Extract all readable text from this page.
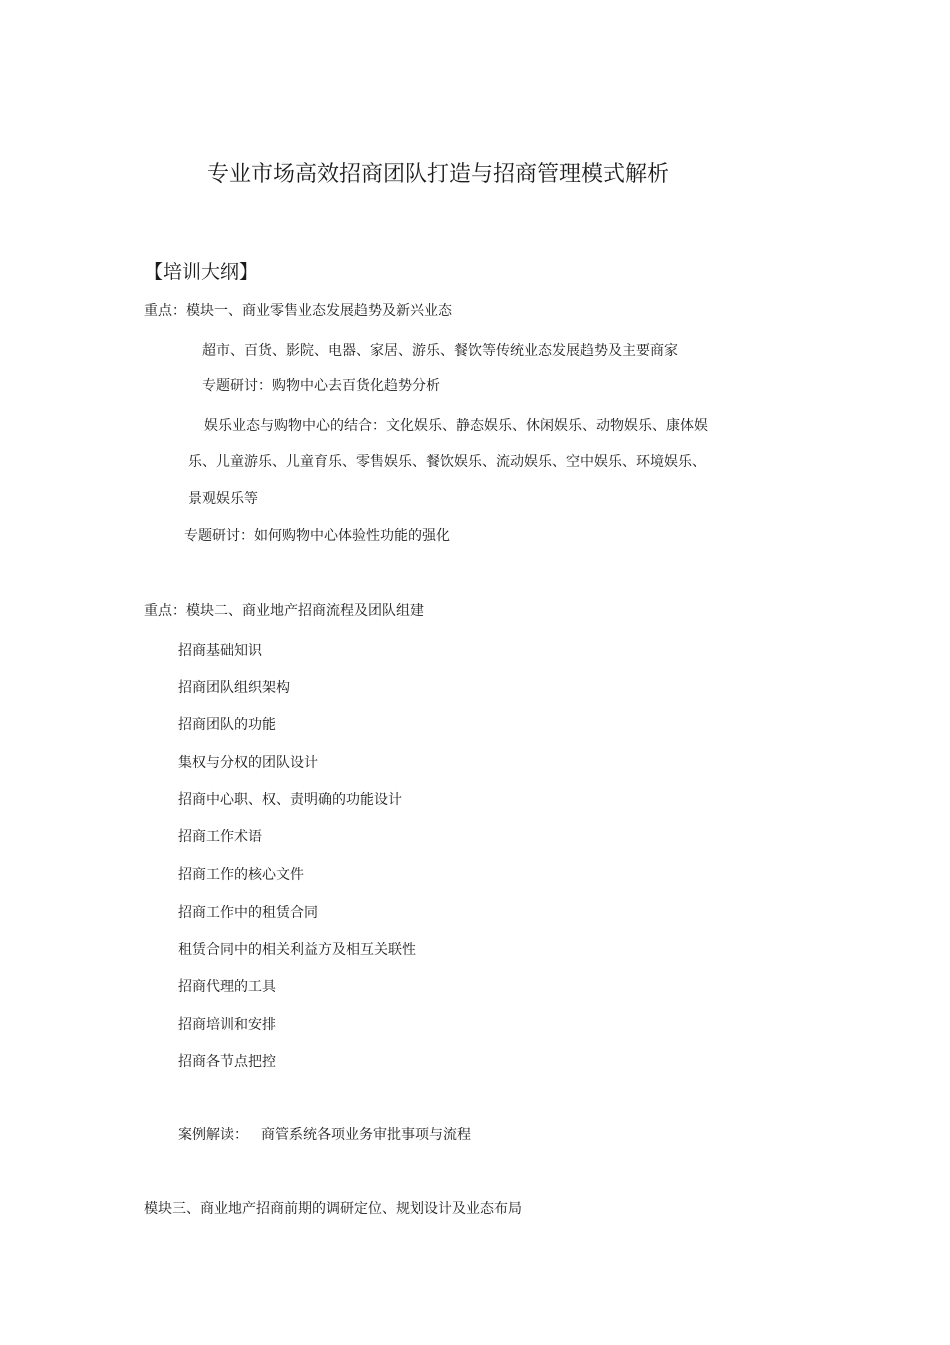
专业市场高效招商团队打造与招商管理模式解析

【培训大纲】

重点：模块一、商业零售业态发展趋势及新兴业态

超市、百货、影院、电器、家居、游乐、餐饮等传统业态发展趋势及主要商家

专题研讨：购物中心去百货化趋势分析

娱乐业态与购物中心的结合：文化娱乐、静态娱乐、休闲娱乐、动物娱乐、康体娱

乐、儿童游乐、儿童育乐、零售娱乐、餐饮娱乐、流动娱乐、空中娱乐、环境娱乐、

景观娱乐等

专题研讨：如何购物中心体验性功能的强化

重点：模块二、商业地产招商流程及团队组建

招商基础知识

招商团队组织架构

招商团队的功能

集权与分权的团队设计

招商中心职、权、责明确的功能设计

招商工作术语

招商工作的核心文件

招商工作中的租赁合同

租赁合同中的相关利益方及相互关联性

招商代理的工具

招商培训和安排

招商各节点把控

案例解读： 商管系统各项业务审批事项与流程

模块三、商业地产招商前期的调研定位、规划设计及业态布局
